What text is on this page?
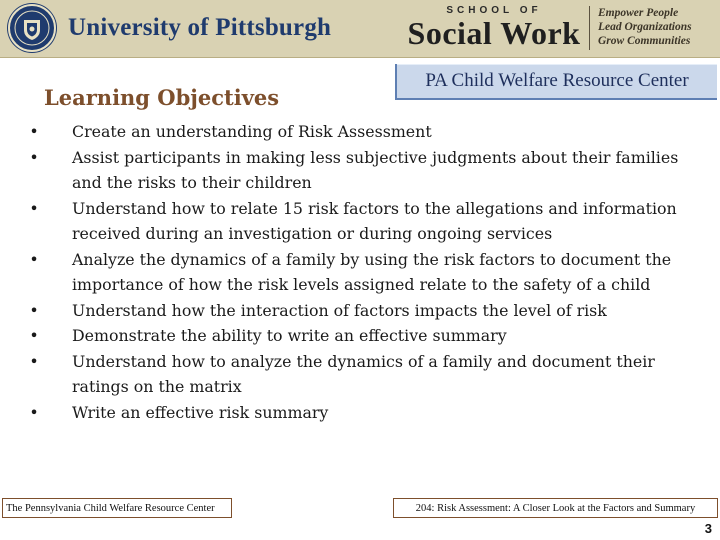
University of Pittsburgh
SCHOOL OF
Social Work
Empower People
Lead Organizations
Grow Communities
PA Child Welfare Resource Center
Learning Objectives
• Create an understanding of Risk Assessment
• Assist participants in making less subjective judgments about their families and the risks to their children
• Understand how to relate 15 risk factors to the allegations and information received during an investigation or during ongoing services
• Analyze the dynamics of a family by using the risk factors to document the importance of how the risk levels assigned relate to the safety of a child
• Understand how the interaction of factors impacts the level of risk
• Demonstrate the ability to write an effective summary
• Understand how to analyze the dynamics of a family and document their ratings on the matrix
• Write an effective risk summary
The Pennsylvania Child Welfare Resource Center	204: Risk Assessment: A Closer Look at the Factors and Summary
3
